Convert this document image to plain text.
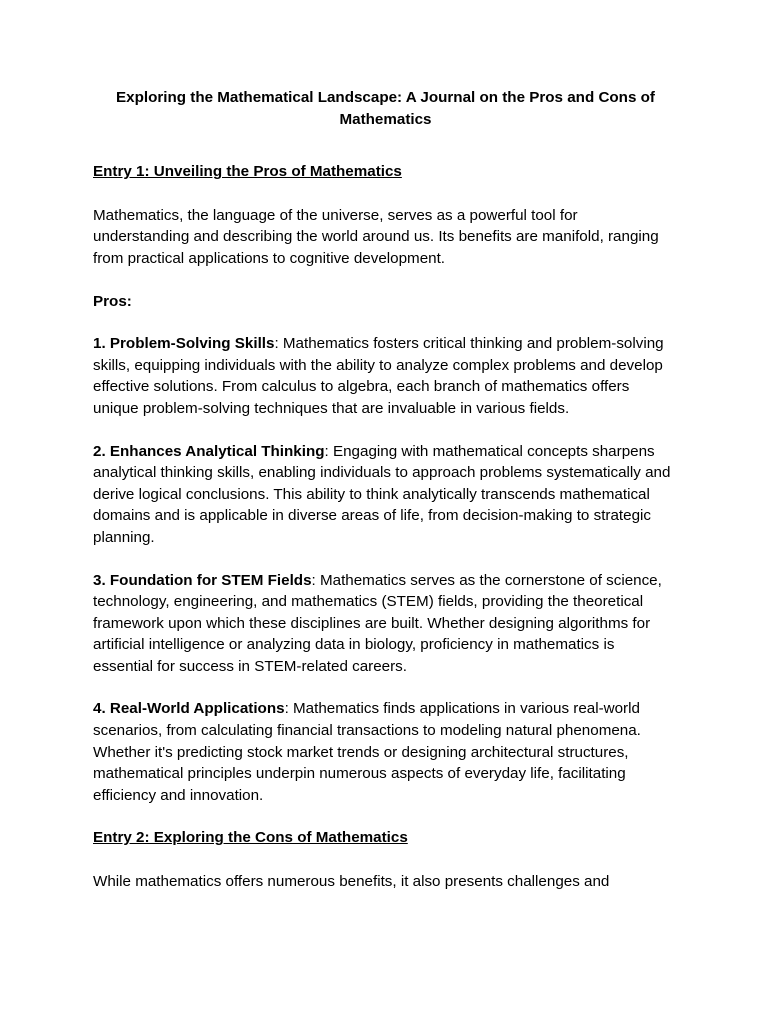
Exploring the Mathematical Landscape: A Journal on the Pros and Cons of Mathematics
Entry 1: Unveiling the Pros of Mathematics
Mathematics, the language of the universe, serves as a powerful tool for understanding and describing the world around us. Its benefits are manifold, ranging from practical applications to cognitive development.
Pros:
1. Problem-Solving Skills: Mathematics fosters critical thinking and problem-solving skills, equipping individuals with the ability to analyze complex problems and develop effective solutions. From calculus to algebra, each branch of mathematics offers unique problem-solving techniques that are invaluable in various fields.
2. Enhances Analytical Thinking: Engaging with mathematical concepts sharpens analytical thinking skills, enabling individuals to approach problems systematically and derive logical conclusions. This ability to think analytically transcends mathematical domains and is applicable in diverse areas of life, from decision-making to strategic planning.
3. Foundation for STEM Fields: Mathematics serves as the cornerstone of science, technology, engineering, and mathematics (STEM) fields, providing the theoretical framework upon which these disciplines are built. Whether designing algorithms for artificial intelligence or analyzing data in biology, proficiency in mathematics is essential for success in STEM-related careers.
4. Real-World Applications: Mathematics finds applications in various real-world scenarios, from calculating financial transactions to modeling natural phenomena. Whether it's predicting stock market trends or designing architectural structures, mathematical principles underpin numerous aspects of everyday life, facilitating efficiency and innovation.
Entry 2: Exploring the Cons of Mathematics
While mathematics offers numerous benefits, it also presents challenges and
